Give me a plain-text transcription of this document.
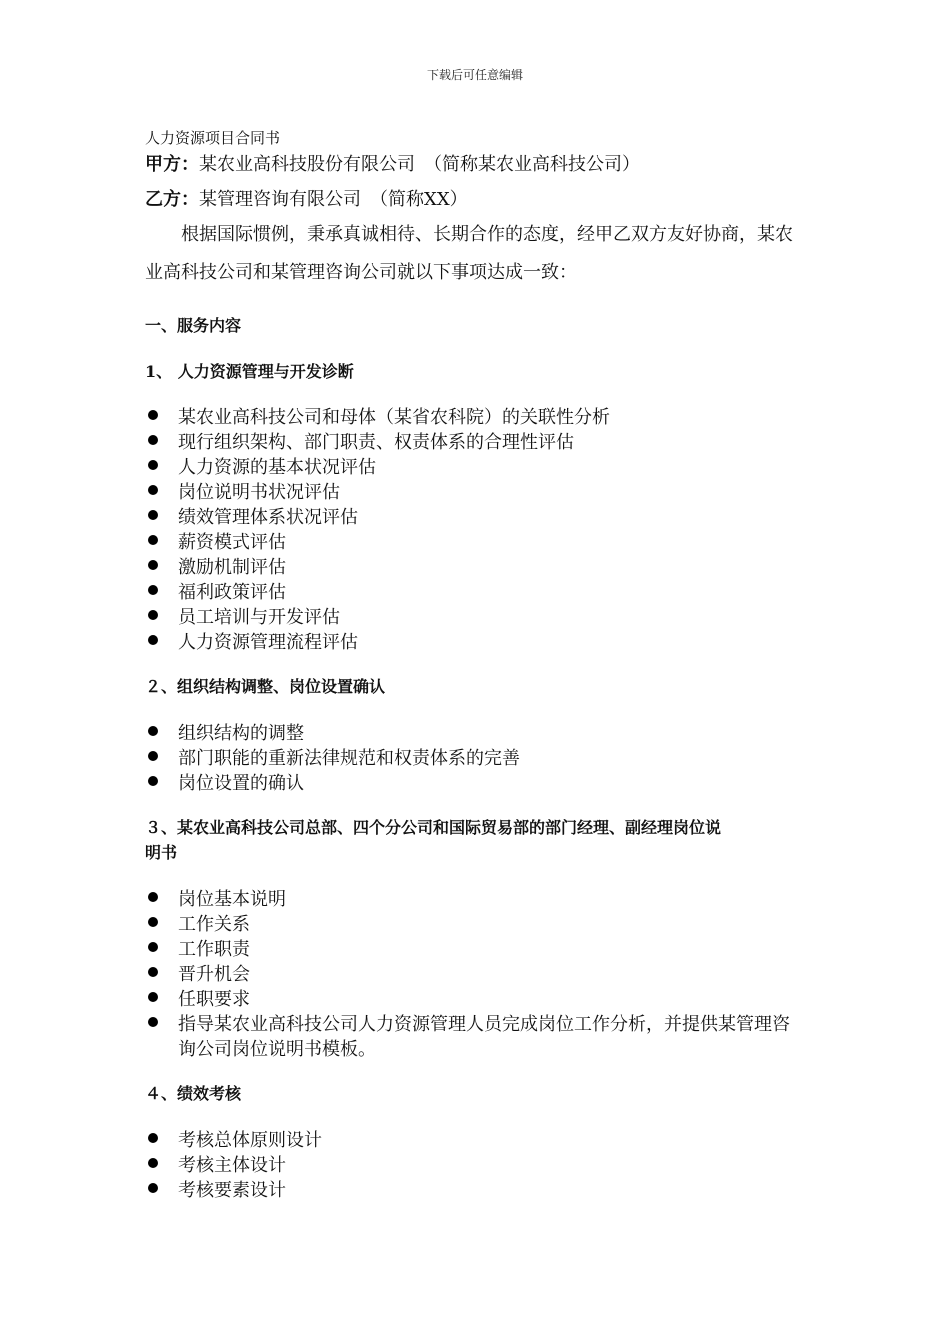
下载后可任意编辑
人力资源项目合同书
甲方：某农业高科技股份有限公司　（简称某农业高科技公司）
乙方：某管理咨询有限公司　（简称XX）
根据国际惯例，秉承真诚相待、长期合作的态度，经甲乙双方友好协商，某农
业高科技公司和某管理咨询公司就以下事项达成一致：
一、服务内容
1、 人力资源管理与开发诊断
某农业高科技公司和母体（某省农科院）的关联性分析
现行组织架构、部门职责、权责体系的合理性评估
人力资源的基本状况评估
岗位说明书状况评估
绩效管理体系状况评估
薪资模式评估
激励机制评估
福利政策评估
员工培训与开发评估
人力资源管理流程评估
２、组织结构调整、岗位设置确认
组织结构的调整
部门职能的重新法律规范和权责体系的完善
岗位设置的确认
３、某农业高科技公司总部、四个分公司和国际贸易部的部门经理、副经理岗位说
明书
岗位基本说明
工作关系
工作职责
晋升机会
任职要求
指导某农业高科技公司人力资源管理人员完成岗位工作分析，并提供某管理咨
询公司岗位说明书模板。
４、绩效考核
考核总体原则设计
考核主体设计
考核要素设计
